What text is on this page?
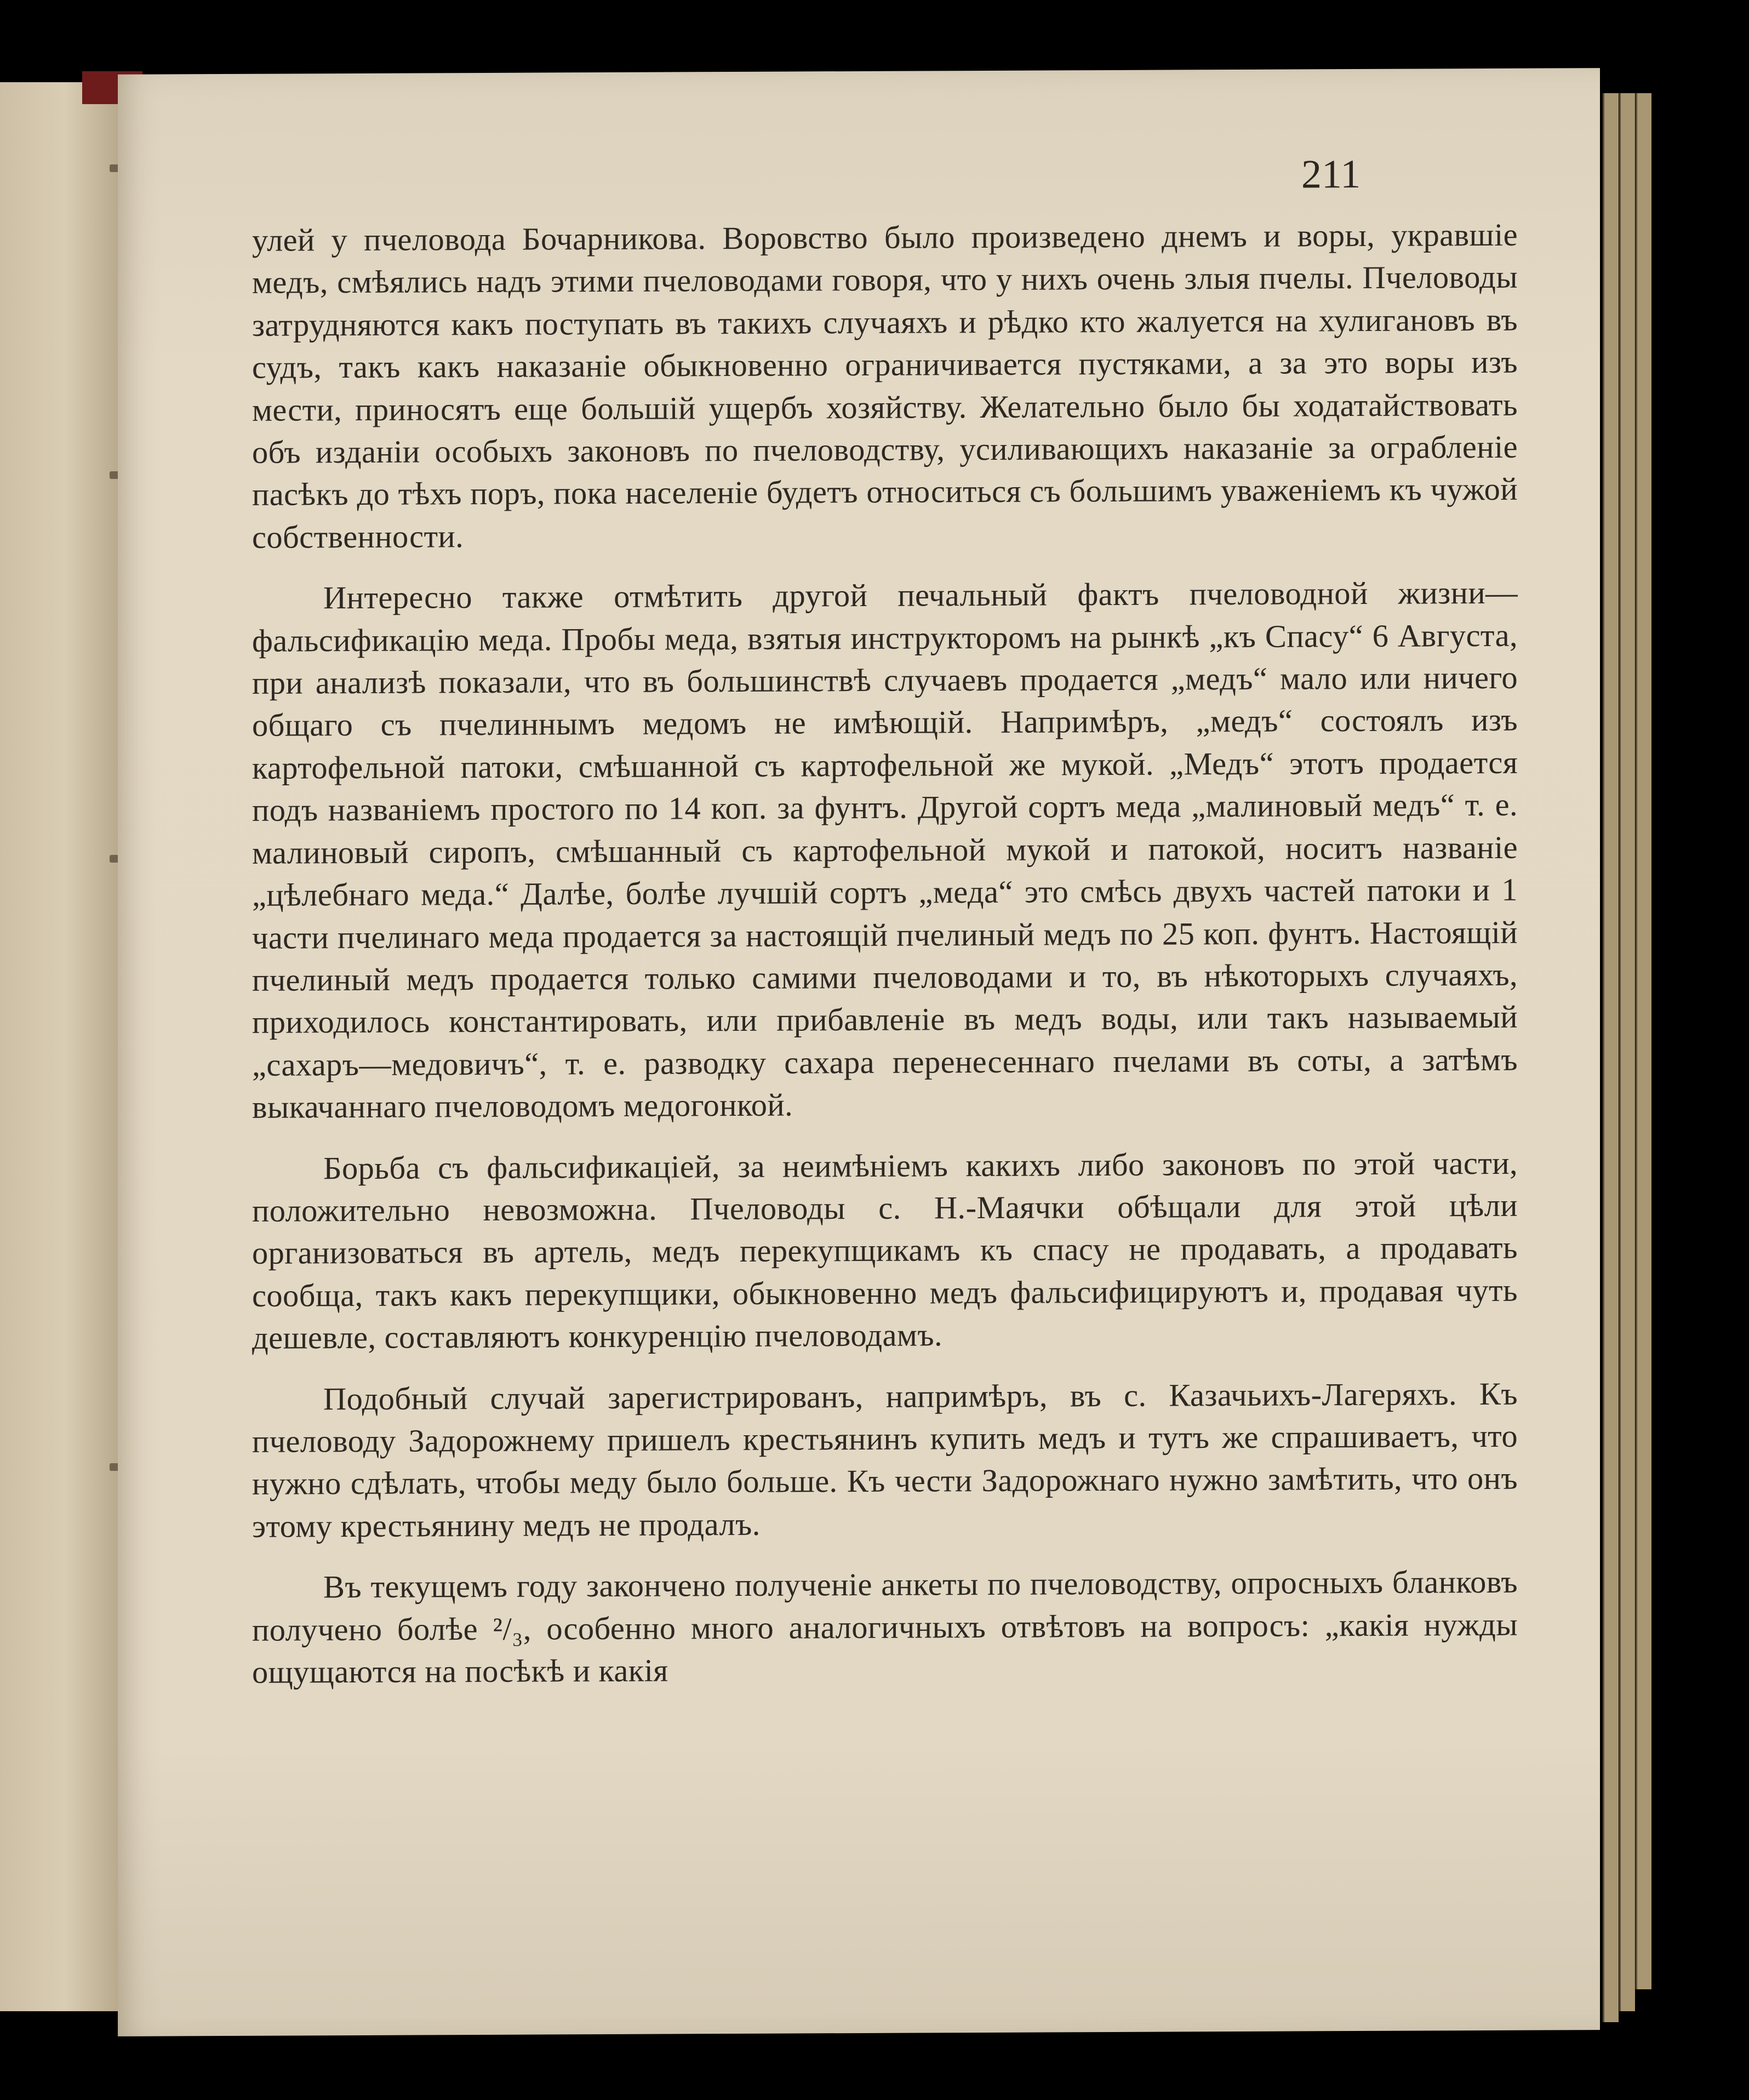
211

улей у пчеловода Бочарникова. Воровство было произведено днемъ и воры, укравшіе медъ, смѣялись надъ этими пчеловодами говоря, что у нихъ очень злыя пчелы. Пчеловоды затрудняются какъ поступать въ такихъ случаяхъ и рѣдко кто жалуется на хулигановъ въ судъ, такъ какъ наказаніе обыкновенно ограничивается пустяками, а за это воры изъ мести, приносятъ еще большій ущербъ хозяйству. Желательно было бы ходатайствовать объ изданіи особыхъ законовъ по пчеловодству, усиливающихъ наказаніе за ограбленіе пасѣкъ до тѣхъ поръ, пока населеніе будетъ относиться съ большимъ уваженіемъ къ чужой собственности.

Интересно также отмѣтить другой печальный фактъ пчеловодной жизни—фальсификацію меда. Пробы меда, взятыя инструкторомъ на рынкѣ „къ Спасу“ 6 Августа, при анализѣ показали, что въ большинствѣ случаевъ продается „медъ“ мало или ничего общаго съ пчелиннымъ медомъ не имѣющій. Напримѣръ, „медъ“ состоялъ изъ картофельной патоки, смѣшанной съ картофельной же мукой. „Медъ“ этотъ продается подъ названіемъ простого по 14 коп. за фунтъ. Другой сортъ меда „малиновый медъ“ т. е. малиновый сиропъ, смѣшанный съ картофельной мукой и патокой, носитъ названіе „цѣлебнаго меда.“ Далѣе, болѣе лучшій сортъ „меда“ это смѣсь двухъ частей патоки и 1 части пчелинаго меда продается за настоящій пчелиный медъ по 25 коп. фунтъ. Настоящій пчелиный медъ продается только самими пчеловодами и то, въ нѣкоторыхъ случаяхъ, приходилось константировать, или прибавленіе въ медъ воды, или такъ называемый „сахаръ—медовичъ“, т. е. разводку сахара перенесеннаго пчелами въ соты, а затѣмъ выкачаннаго пчеловодомъ медогонкой.

Борьба съ фальсификаціей, за неимѣніемъ какихъ либо законовъ по этой части, положительно невозможна. Пчеловоды с. Н.-Маячки обѣщали для этой цѣли организоваться въ артель, медъ перекупщикамъ къ спасу не продавать, а продавать сообща, такъ какъ перекупщики, обыкновенно медъ фальсифицируютъ и, продавая чуть дешевле, составляютъ конкуренцію пчеловодамъ.

Подобный случай зарегистрированъ, напримѣръ, въ с. Казачьихъ-Лагеряхъ. Къ пчеловоду Задорожнему пришелъ крестьянинъ купить медъ и тутъ же спрашиваетъ, что нужно сдѣлать, чтобы меду было больше. Къ чести Задорожнаго нужно замѣтить, что онъ этому крестьянину медъ не продалъ.

Въ текущемъ году закончено полученіе анкеты по пчеловодству, опросныхъ бланковъ получено болѣе ²/₃, особенно много аналогичныхъ отвѣтовъ на вопросъ: „какія нужды ощущаются на посѣкѣ и какія
